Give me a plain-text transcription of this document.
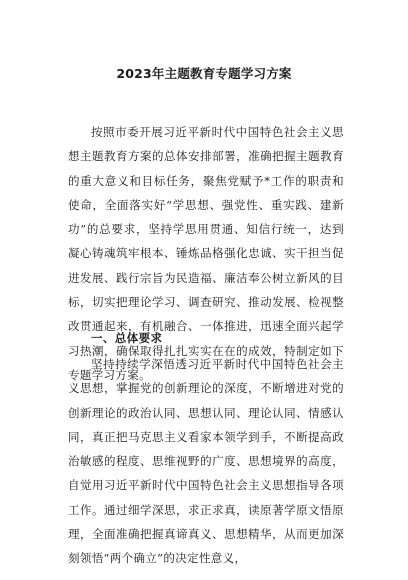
2023年主题教育专题学习方案

按照市委开展习近平新时代中国特色社会主义思想主题教育方案的总体安排部署，准确把握主题教育的重大意义和目标任务，聚焦党赋予*工作的职责和使命，全面落实好“学思想、强党性、重实践、建新功”的总要求，坚持学思用贯通、知信行统一，达到凝心铸魂筑牢根本、锤炼品格强化忠诚、实干担当促进发展、践行宗旨为民造福、廉洁奉公树立新风的目标，切实把理论学习、调查研究、推动发展、检视整改贯通起来，有机融合、一体推进，迅速全面兴起学习热潮，确保取得扎扎实实在在的成效，特制定如下专题学习方案。

一、总体要求

坚持持续学深悟透习近平新时代中国特色社会主义思想，掌握党的创新理论的深度，不断增进对党的创新理论的政治认同、思想认同、理论认同、情感认同，真正把马克思主义看家本领学到手，不断提高政治敏感的程度、思维视野的广度、思想境界的高度，自觉用习近平新时代中国特色社会主义思想指导各项工作。通过细学深思，求正求真，读原著学原文悟原理，全面准确把握真谛真义、思想精华，从而更加深刻领悟“两个确立”的决定性意义，
